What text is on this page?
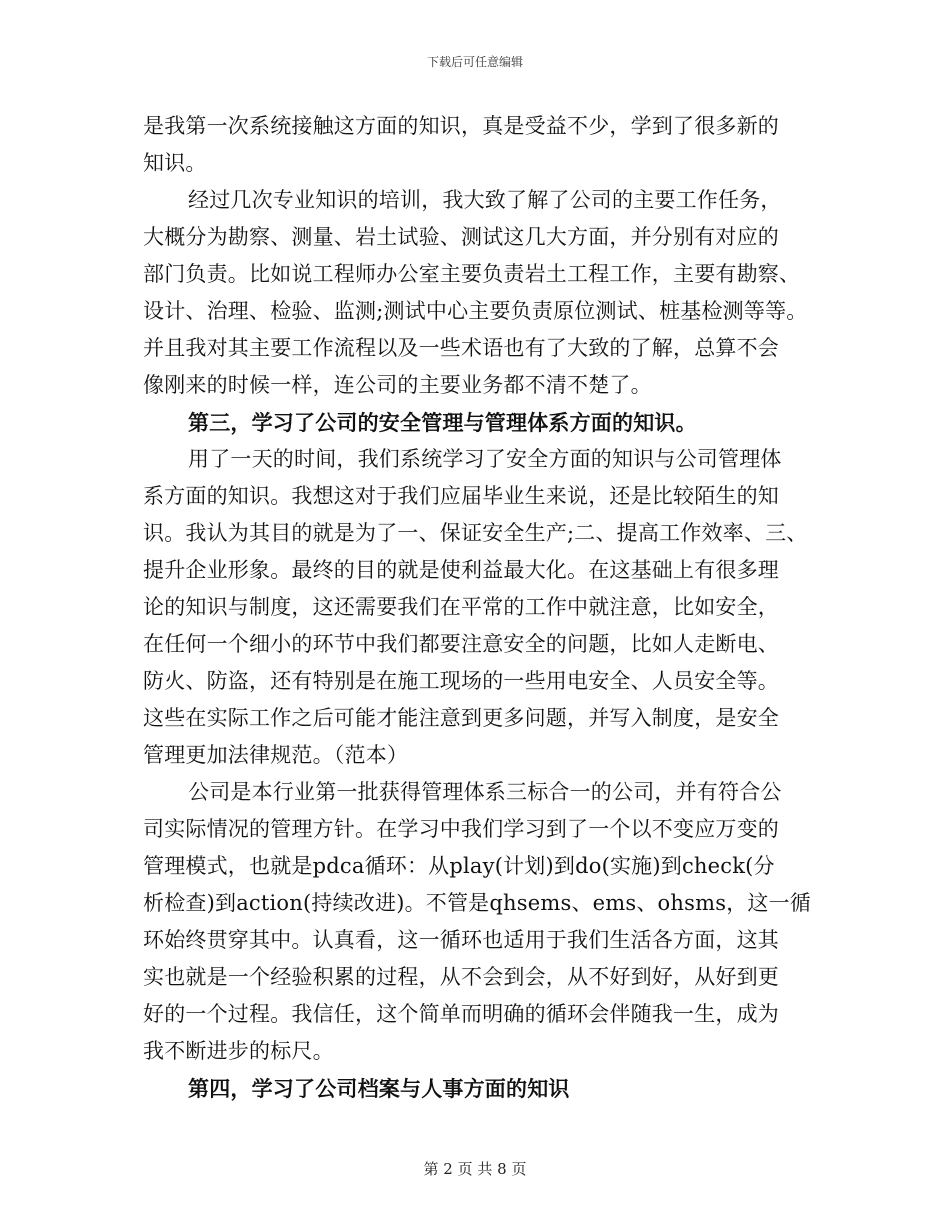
下载后可任意编辑
是我第一次系统接触这方面的知识，真是受益不少，学到了很多新的
知识。
经过几次专业知识的培训，我大致了解了公司的主要工作任务，
大概分为勘察、测量、岩土试验、测试这几大方面，并分别有对应的
部门负责。比如说工程师办公室主要负责岩土工程工作，主要有勘察、
设计、治理、检验、监测;测试中心主要负责原位测试、桩基检测等等。
并且我对其主要工作流程以及一些术语也有了大致的了解，总算不会
像刚来的时候一样，连公司的主要业务都不清不楚了。
第三，学习了公司的安全管理与管理体系方面的知识。
用了一天的时间，我们系统学习了安全方面的知识与公司管理体
系方面的知识。我想这对于我们应届毕业生来说，还是比较陌生的知
识。我认为其目的就是为了一、保证安全生产;二、提高工作效率、三、
提升企业形象。最终的目的就是使利益最大化。在这基础上有很多理
论的知识与制度，这还需要我们在平常的工作中就注意，比如安全，
在任何一个细小的环节中我们都要注意安全的问题，比如人走断电、
防火、防盗，还有特别是在施工现场的一些用电安全、人员安全等。
这些在实际工作之后可能才能注意到更多问题，并写入制度，是安全
管理更加法律规范。（范本）
公司是本行业第一批获得管理体系三标合一的公司，并有符合公
司实际情况的管理方针。在学习中我们学习到了一个以不变应万变的
管理模式，也就是pdca循环：从play(计划)到do(实施)到check(分
析检查)到action(持续改进)。不管是qhsems、ems、ohsms，这一循
环始终贯穿其中。认真看，这一循环也适用于我们生活各方面，这其
实也就是一个经验积累的过程，从不会到会，从不好到好，从好到更
好的一个过程。我信任，这个简单而明确的循环会伴随我一生，成为
我不断进步的标尺。
第四，学习了公司档案与人事方面的知识
第 2 页 共 8 页
